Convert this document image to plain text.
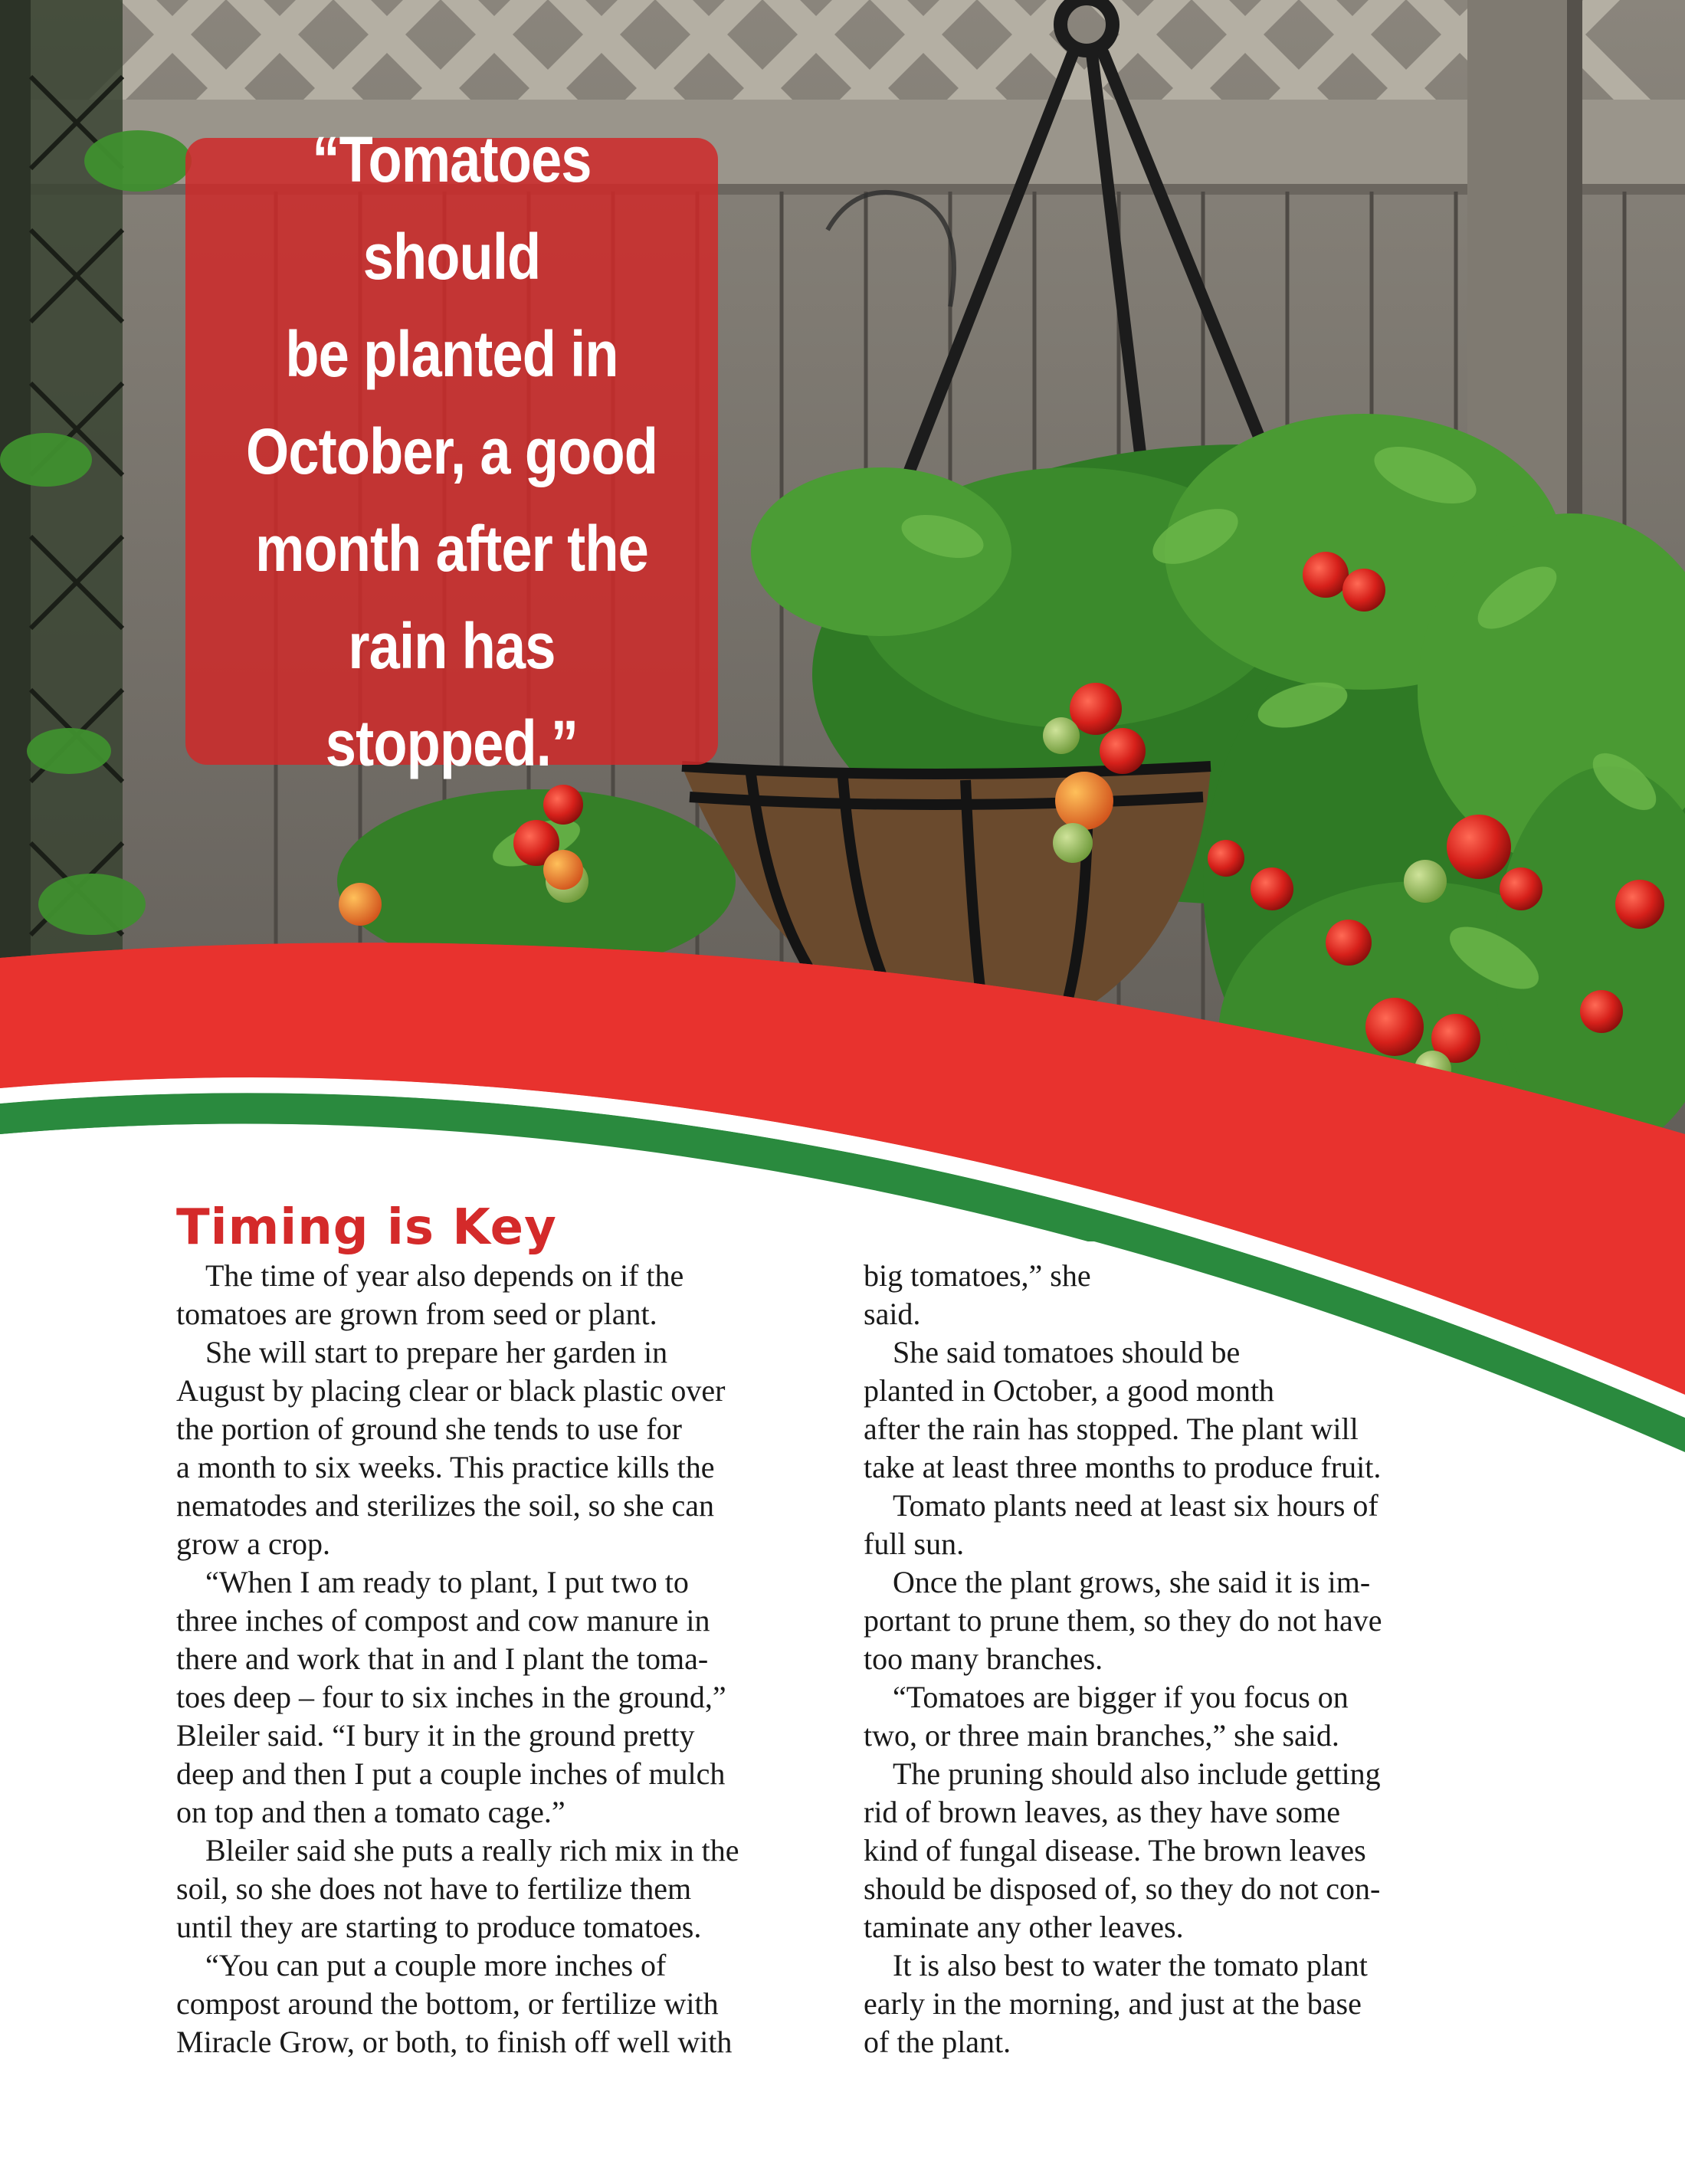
“Tomatoes should
be planted in
October, a good
month after the
rain has stopped.”
Timing is Key

The time of year also depends on if the
tomatoes are grown from seed or plant.

She will start to prepare her garden in
August by placing clear or black plastic over
the portion of ground she tends to use for
a month to six weeks. This practice kills the
nematodes and sterilizes the soil, so she can
grow a crop.

“When I am ready to plant, I put two to
three inches of compost and cow manure in
there and work that in and I plant the toma-
toes deep – four to six inches in the ground,”
Bleiler said. “I bury it in the ground pretty
deep and then I put a couple inches of mulch
on top and then a tomato cage.”

Bleiler said she puts a really rich mix in the
soil, so she does not have to fertilize them
until they are starting to produce tomatoes.

“You can put a couple more inches of
compost around the bottom, or fertilize with
Miracle Grow, or both, to finish off well with

big tomatoes,” she
said.

She said tomatoes should be
planted in October, a good month
after the rain has stopped. The plant will
take at least three months to produce fruit.

Tomato plants need at least six hours of
full sun.

Once the plant grows, she said it is im-
portant to prune them, so they do not have
too many branches.

“Tomatoes are bigger if you focus on
two, or three main branches,” she said.

The pruning should also include getting
rid of brown leaves, as they have some
kind of fungal disease. The brown leaves
should be disposed of, so they do not con-
taminate any other leaves.

It is also best to water the tomato plant
early in the morning, and just at the base
of the plant.
